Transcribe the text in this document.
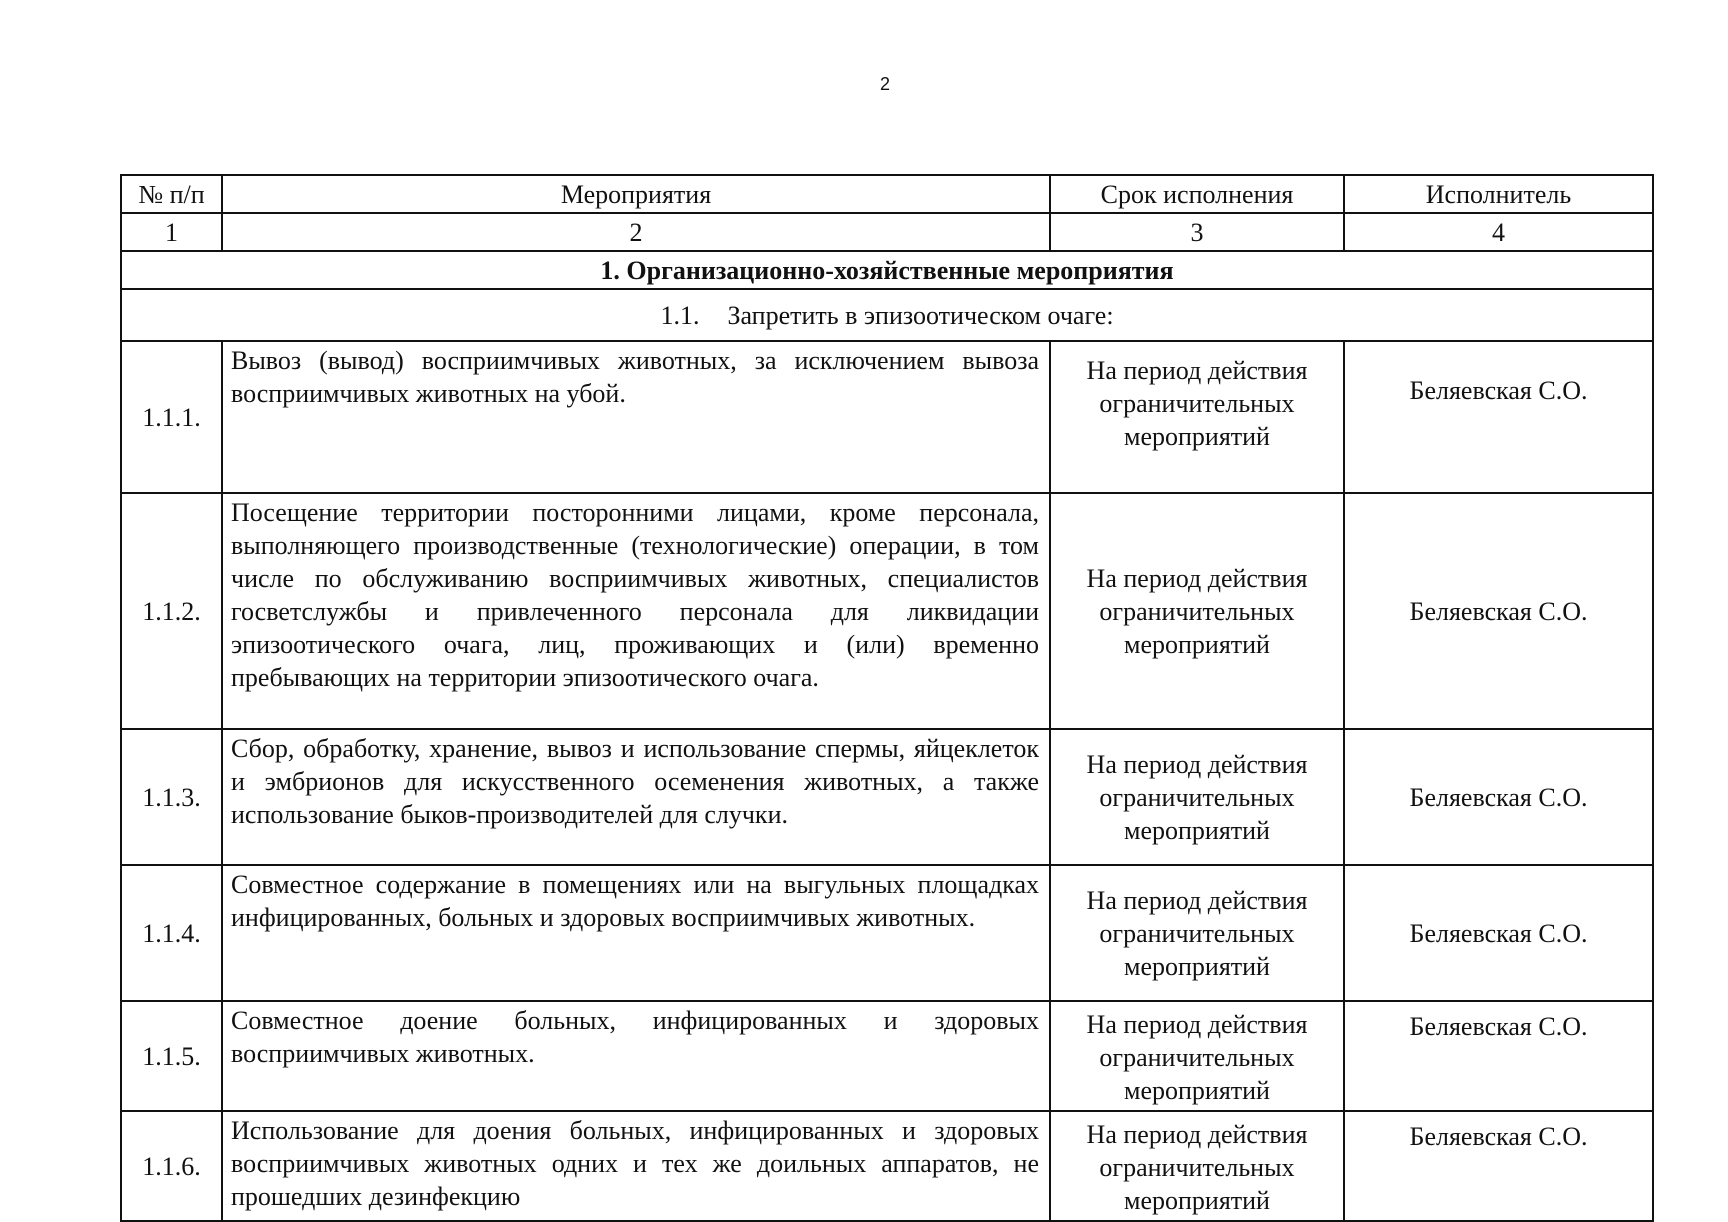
2
№ п/п	Мероприятия	Срок исполнения	Исполнитель
1	2	3	4
1. Организационно-хозяйственные мероприятия			
1.1. Запретить в эпизоотическом очаге:			
1.1.1.	Вывоз (вывод) восприимчивых животных, за исключением вывоза восприимчивых животных на убой.	На период действия ограничительных мероприятий	Беляевская С.О.
1.1.2.	Посещение территории посторонними лицами, кроме персонала, выполняющего производственные (технологические) операции, в том числе по обслуживанию восприимчивых животных, специалистов госветслужбы и привлеченного персонала для ликвидации эпизоотического очага, лиц, проживающих и (или) временно пребывающих на территории эпизоотического очага.	На период действия ограничительных мероприятий	Беляевская С.О.
1.1.3.	Сбор, обработку, хранение, вывоз и использование спермы, яйцеклеток и эмбрионов для искусственного осеменения животных, а также использование быков-производителей для случки.	На период действия ограничительных мероприятий	Беляевская С.О.
1.1.4.	Совместное содержание в помещениях или на выгульных площадках инфицированных, больных и здоровых восприимчивых животных.	На период действия ограничительных мероприятий	Беляевская С.О.
1.1.5.	Совместное доение больных, инфицированных и здоровых восприимчивых животных.	На период действия ограничительных мероприятий	Беляевская С.О.
1.1.6.	Использование для доения больных, инфицированных и здоровых восприимчивых животных одних и тех же доильных аппаратов, не прошедших дезинфекцию	На период действия ограничительных мероприятий	Беляевская С.О.
